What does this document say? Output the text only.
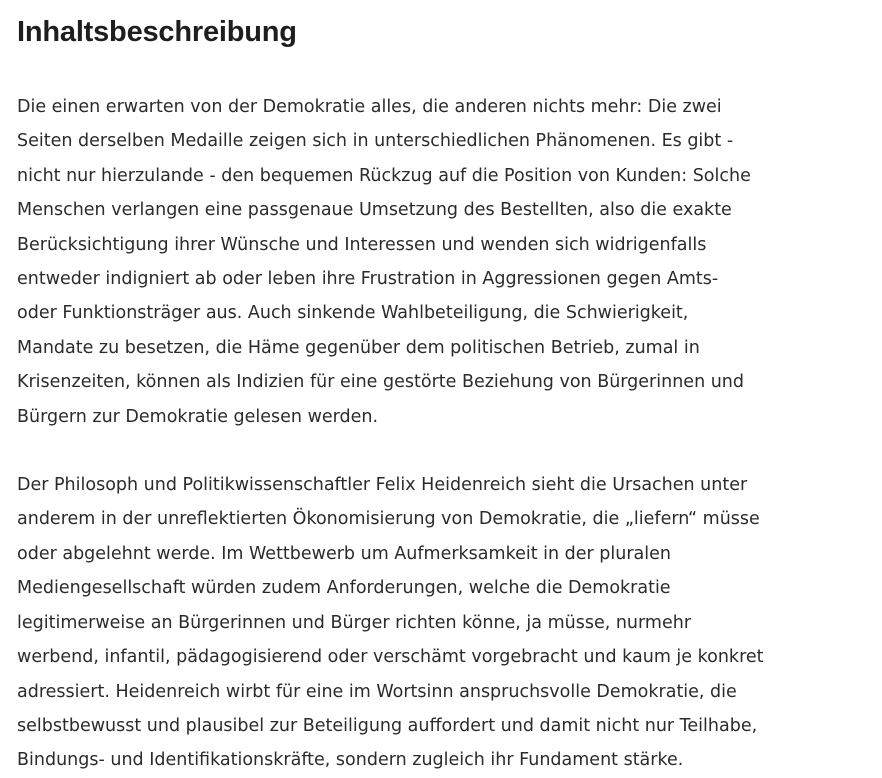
Inhaltsbeschreibung

Die einen erwarten von der Demokratie alles, die anderen nichts mehr: Die zwei
Seiten derselben Medaille zeigen sich in unterschiedlichen Phänomenen. Es gibt -
nicht nur hierzulande - den bequemen Rückzug auf die Position von Kunden: Solche
Menschen verlangen eine passgenaue Umsetzung des Bestellten, also die exakte
Berücksichtigung ihrer Wünsche und Interessen und wenden sich widrigenfalls
entweder indigniert ab oder leben ihre Frustration in Aggressionen gegen Amts-
oder Funktionsträger aus. Auch sinkende Wahlbeteiligung, die Schwierigkeit,
Mandate zu besetzen, die Häme gegenüber dem politischen Betrieb, zumal in
Krisenzeiten, können als Indizien für eine gestörte Beziehung von Bürgerinnen und
Bürgern zur Demokratie gelesen werden.

Der Philosoph und Politikwissenschaftler Felix Heidenreich sieht die Ursachen unter
anderem in der unreflektierten Ökonomisierung von Demokratie, die „liefern“ müsse
oder abgelehnt werde. Im Wettbewerb um Aufmerksamkeit in der pluralen
Mediengesellschaft würden zudem Anforderungen, welche die Demokratie
legitimerweise an Bürgerinnen und Bürger richten könne, ja müsse, nurmehr
werbend, infantil, pädagogisierend oder verschämt vorgebracht und kaum je konkret
adressiert. Heidenreich wirbt für eine im Wortsinn anspruchsvolle Demokratie, die
selbstbewusst und plausibel zur Beteiligung auffordert und damit nicht nur Teilhabe,
Bindungs- und Identifikationskräfte, sondern zugleich ihr Fundament stärke.
